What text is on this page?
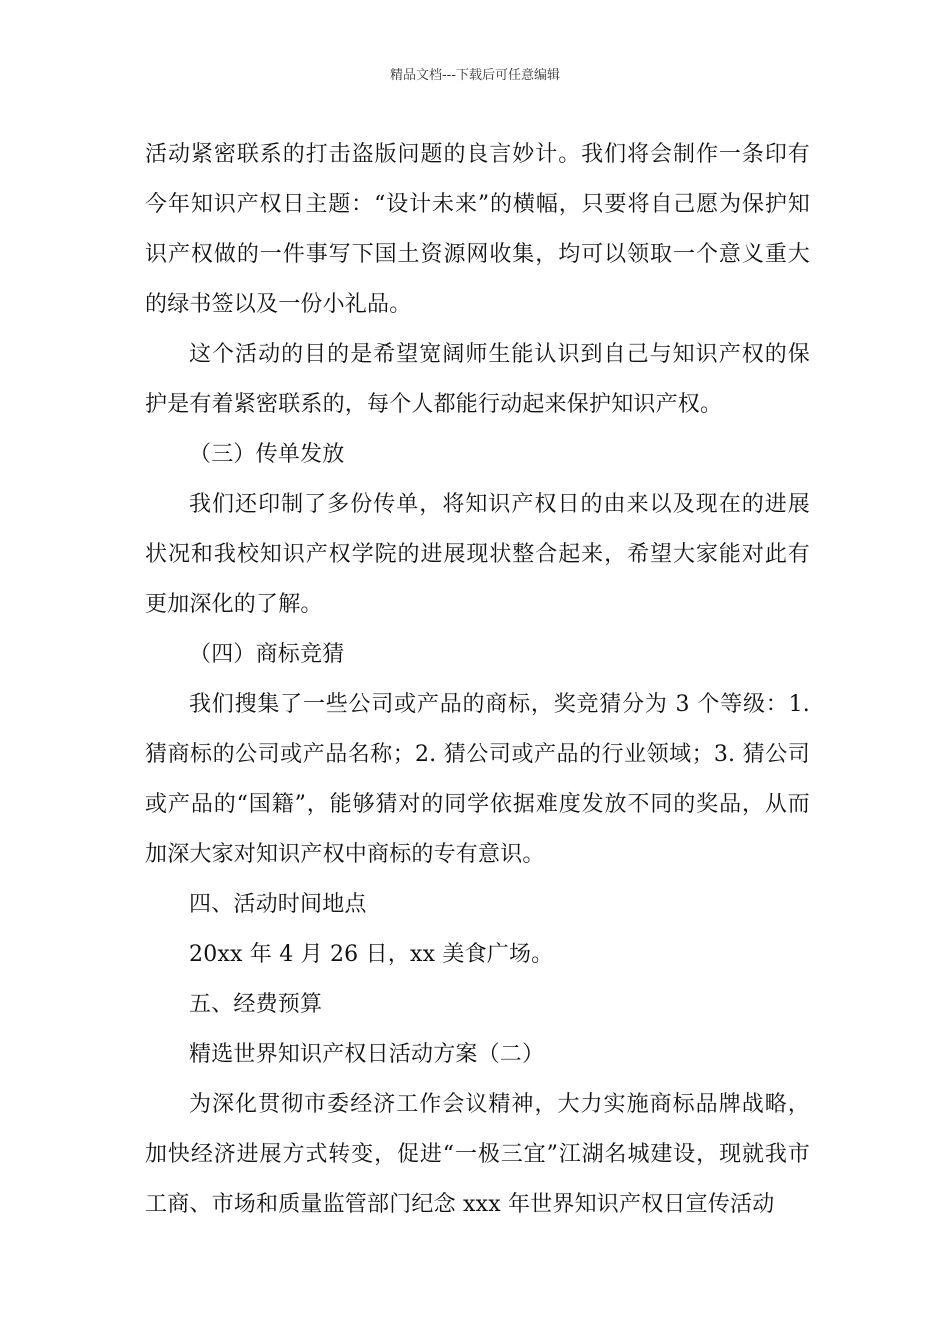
精品文档---下载后可任意编辑

活动紧密联系的打击盗版问题的良言妙计。我们将会制作一条印有今年知识产权日主题：“设计未来”的横幅，只要将自己愿为保护知识产权做的一件事写下国土资源网收集，均可以领取一个意义重大的绿书签以及一份小礼品。

这个活动的目的是希望宽阔师生能认识到自己与知识产权的保护是有着紧密联系的，每个人都能行动起来保护知识产权。

（三）传单发放

我们还印制了多份传单，将知识产权日的由来以及现在的进展状况和我校知识产权学院的进展现状整合起来，希望大家能对此有更加深化的了解。

（四）商标竞猜

我们搜集了一些公司或产品的商标，奖竞猜分为 3 个等级：1. 猜商标的公司或产品名称；2. 猜公司或产品的行业领域；3. 猜公司或产品的“国籍”，能够猜对的同学依据难度发放不同的奖品，从而加深大家对知识产权中商标的专有意识。

四、活动时间地点

20xx 年 4 月 26 日，xx 美食广场。

五、经费预算

精选世界知识产权日活动方案（二）

为深化贯彻市委经济工作会议精神，大力实施商标品牌战略，加快经济进展方式转变，促进“一极三宜”江湖名城建设，现就我市工商、市场和质量监管部门纪念 xxx 年世界知识产权日宣传活动
